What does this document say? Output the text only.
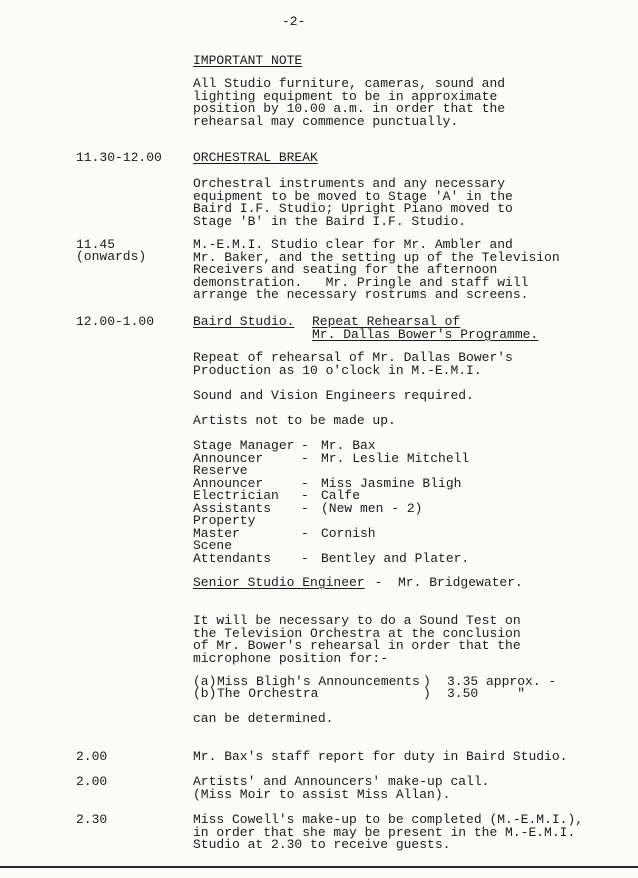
-2-
IMPORTANT NOTE
All Studio furniture, cameras, sound and
lighting equipment to be in approximate
position by 10.00 a.m. in order that the
rehearsal may commence punctually.
11.30-12.00 ORCHESTRAL BREAK
Orchestral instruments and any necessary
equipment to be moved to Stage 'A' in the
Baird I.F. Studio; Upright Piano moved to
Stage 'B' in the Baird I.F. Studio.
11.45
(onwards)
M.-E.M.I. Studio clear for Mr. Ambler and
Mr. Baker, and the setting up of the Television
Receivers and seating for the afternoon
demonstration.   Mr. Pringle and staff will
arrange the necessary rostrums and screens.
12.00-1.00	Baird Studio. Repeat Rehearsal of
Mr. Dallas Bower's Programme.
Repeat of rehearsal of Mr. Dallas Bower's
Production as 10 o'clock in M.-E.M.I.
Sound and Vision Engineers required.
Artists not to be made up.
Stage Manager - Mr. Bax
Announcer	- Mr. Leslie Mitchell
Reserve
Announcer	- Miss Jasmine Bligh
Electrician - Calfe
Assistants - (New men - 2)
Property
Master	- Cornish
Scene
Attendants - Bentley and Plater.
Senior Studio Engineer
-  Mr. Bridgewater.
It will be necessary to do a Sound Test on
the Television Orchestra at the conclusion
of Mr. Bower's rehearsal in order that the
microphone position for:-
(a)Miss Bligh's Announcements ) 3.35 approx. -
(b)The Orchestra	) 3.50     "
can be determined.
2.00	Mr. Bax's staff report for duty in Baird Studio.
2.00	Artists' and Announcers' make-up call.
(Miss Moir to assist Miss Allan).
2.30	Miss Cowell's make-up to be completed (M.-E.M.I.),
in order that she may be present in the M.-E.M.I.
Studio at 2.30 to receive guests.
